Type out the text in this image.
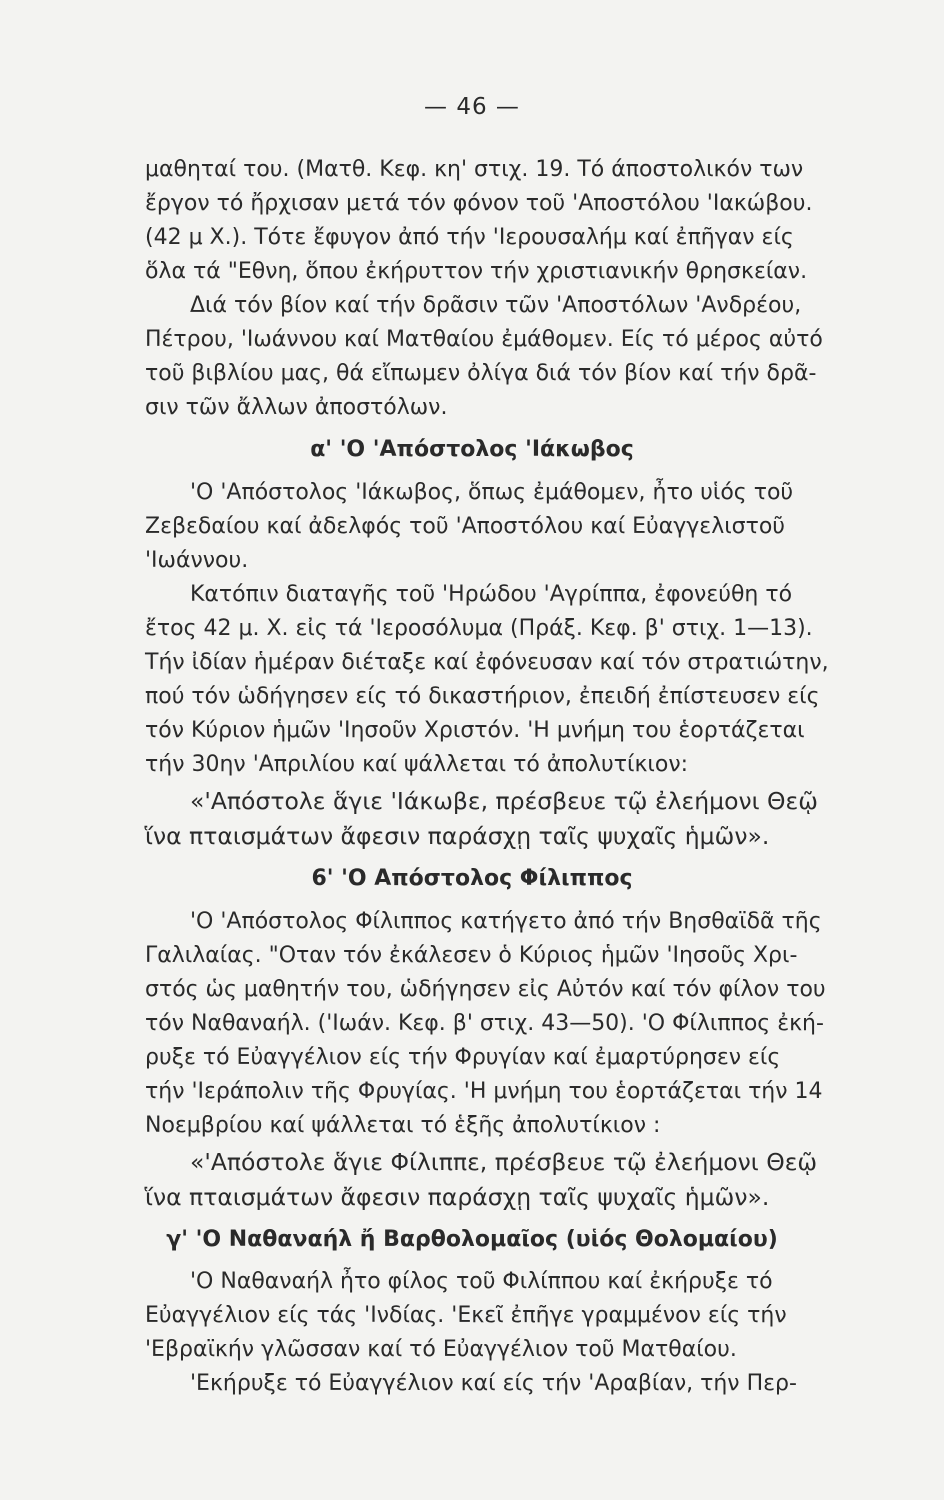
— 46 —
μαθηταί του. (Ματθ. Κεφ. κη' στιχ. 19. Τό άποστολικόν των
ἔργον τό ἤρχισαν μετά τόν φόνον τοῦ 'Αποστόλου 'Ιακώβου.
(42 μ Χ.). Τότε ἔφυγον ἀπό τήν 'Ιερουσαλήμ καί ἐπῆγαν είς
ὅλα τά "Εθνη, ὅπου ἐκήρυττον τήν χριστιανικήν θρησκείαν.
Διά τόν βίον καί τήν δρᾶσιν τῶν 'Αποστόλων 'Ανδρέου,
Πέτρου, 'Ιωάννου καί Ματθαίου ἐμάθομεν. Είς τό μέρος αὐτό
τοῦ βιβλίου μας, θά εἴπωμεν ὀλίγα διά τόν βίον καί τήν δρᾶ-
σιν τῶν ἄλλων ἀποστόλων.
α' 'Ο 'Απόστολος 'Ιάκωβος
'Ο 'Απόστολος 'Ιάκωβος, ὅπως ἐμάθομεν, ἦτο υἱός τοῦ
Ζεβεδαίου καί ἀδελφός τοῦ 'Αποστόλου καί Εὐαγγελιστοῦ
'Ιωάννου.
Κατόπιν διαταγῆς τοῦ 'Ηρώδου 'Αγρίππα, ἐφονεύθη τό
ἔτος 42 μ. Χ. εἰς τά 'Ιεροσόλυμα (Πράξ. Κεφ. β' στιχ. 1—13).
Τήν ἰδίαν ἡμέραν διέταξε καί ἐφόνευσαν καί τόν στρατιώτην,
πού τόν ὡδήγησεν είς τό δικαστήριον, ἐπειδή ἐπίστευσεν είς
τόν Κύριον ἡμῶν 'Ιησοῦν Χριστόν. 'Η μνήμη του ἑορτάζεται
τήν 30ην 'Απριλίου καί ψάλλεται τό ἀπολυτίκιον:
«'Απόστολε ἅγιε 'Ιάκωβε, πρέσβευε τῷ ἐλεήμονι Θεῷ
ἵνα πταισμάτων ἄφεσιν παράσχῃ ταῖς ψυχαῖς ἡμῶν».
6' 'Ο Απόστολος Φίλιππος
'Ο 'Απόστολος Φίλιππος κατήγετο ἀπό τήν Βησθαϊδᾶ τῆς
Γαλιλαίας. "Οταν τόν ἐκάλεσεν ὁ Κύριος ἡμῶν 'Ιησοῦς Χρι-
στός ὡς μαθητήν του, ὡδήγησεν εἰς Αὐτόν καί τόν φίλον του
τόν Ναθαναήλ. ('Ιωάν. Κεφ. β' στιχ. 43—50). 'Ο Φίλιππος ἐκή-
ρυξε τό Εὐαγγέλιον είς τήν Φρυγίαν καί ἐμαρτύρησεν είς
τήν 'Ιεράπολιν τῆς Φρυγίας. 'Η μνήμη του ἑορτάζεται τήν 14
Νοεμβρίου καί ψάλλεται τό ἑξῆς ἀπολυτίκιον :
«'Απόστολε ἅγιε Φίλιππε, πρέσβευε τῷ ἐλεήμονι Θεῷ
ἵνα πταισμάτων ἄφεσιν παράσχῃ ταῖς ψυχαῖς ἡμῶν».
γ' 'Ο Ναθαναήλ ἤ Βαρθολομαῖος (υἱός Θολομαίου)
'Ο Ναθαναήλ ἦτο φίλος τοῦ Φιλίππου καί ἐκήρυξε τό
Εὐαγγέλιον είς τάς 'Ινδίας. 'Εκεῖ ἐπῆγε γραμμένον είς τήν
'Εβραϊκήν γλῶσσαν καί τό Εὐαγγέλιον τοῦ Ματθαίου.
'Εκήρυξε τό Εὐαγγέλιον καί είς τήν 'Αραβίαν, τήν Περ-
